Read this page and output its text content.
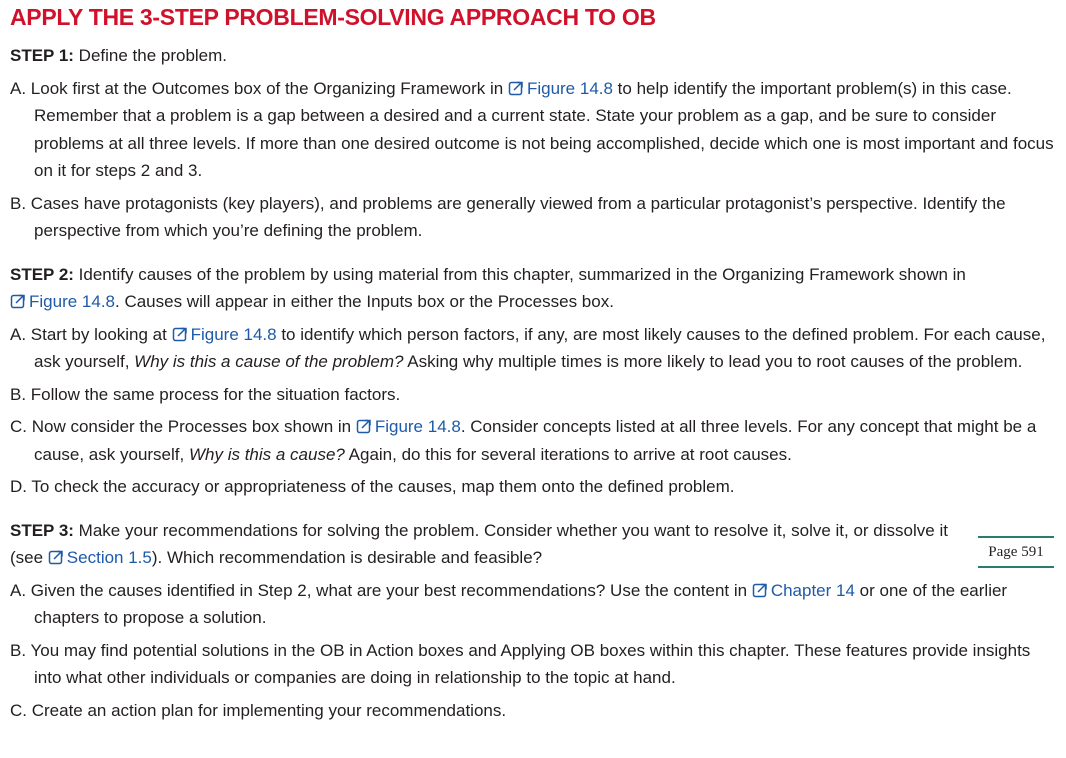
APPLY THE 3-STEP PROBLEM-SOLVING APPROACH TO OB

STEP 1: Define the problem.

A. Look first at the Outcomes box of the Organizing Framework in Figure 14.8 to help identify the important problem(s) in this case. Remember that a problem is a gap between a desired and a current state. State your problem as a gap, and be sure to consider problems at all three levels. If more than one desired outcome is not being accomplished, decide which one is most important and focus on it for steps 2 and 3.

B. Cases have protagonists (key players), and problems are generally viewed from a particular protagonist’s perspective. Identify the perspective from which you’re defining the problem.

STEP 2: Identify causes of the problem by using material from this chapter, summarized in the Organizing Framework shown in Figure 14.8. Causes will appear in either the Inputs box or the Processes box.

A. Start by looking at Figure 14.8 to identify which person factors, if any, are most likely causes to the defined problem. For each cause, ask yourself, Why is this a cause of the problem? Asking why multiple times is more likely to lead you to root causes of the problem.

B. Follow the same process for the situation factors.

C. Now consider the Processes box shown in Figure 14.8. Consider concepts listed at all three levels. For any concept that might be a cause, ask yourself, Why is this a cause? Again, do this for several iterations to arrive at root causes.

D. To check the accuracy or appropriateness of the causes, map them onto the defined problem.

STEP 3: Make your recommendations for solving the problem. Consider whether you want to resolve it, solve it, or dissolve it (see Section 1.5). Which recommendation is desirable and feasible?

A. Given the causes identified in Step 2, what are your best recommendations? Use the content in Chapter 14 or one of the earlier chapters to propose a solution.

B. You may find potential solutions in the OB in Action boxes and Applying OB boxes within this chapter. These features provide insights into what other individuals or companies are doing in relationship to the topic at hand.

C. Create an action plan for implementing your recommendations.

Page 591
